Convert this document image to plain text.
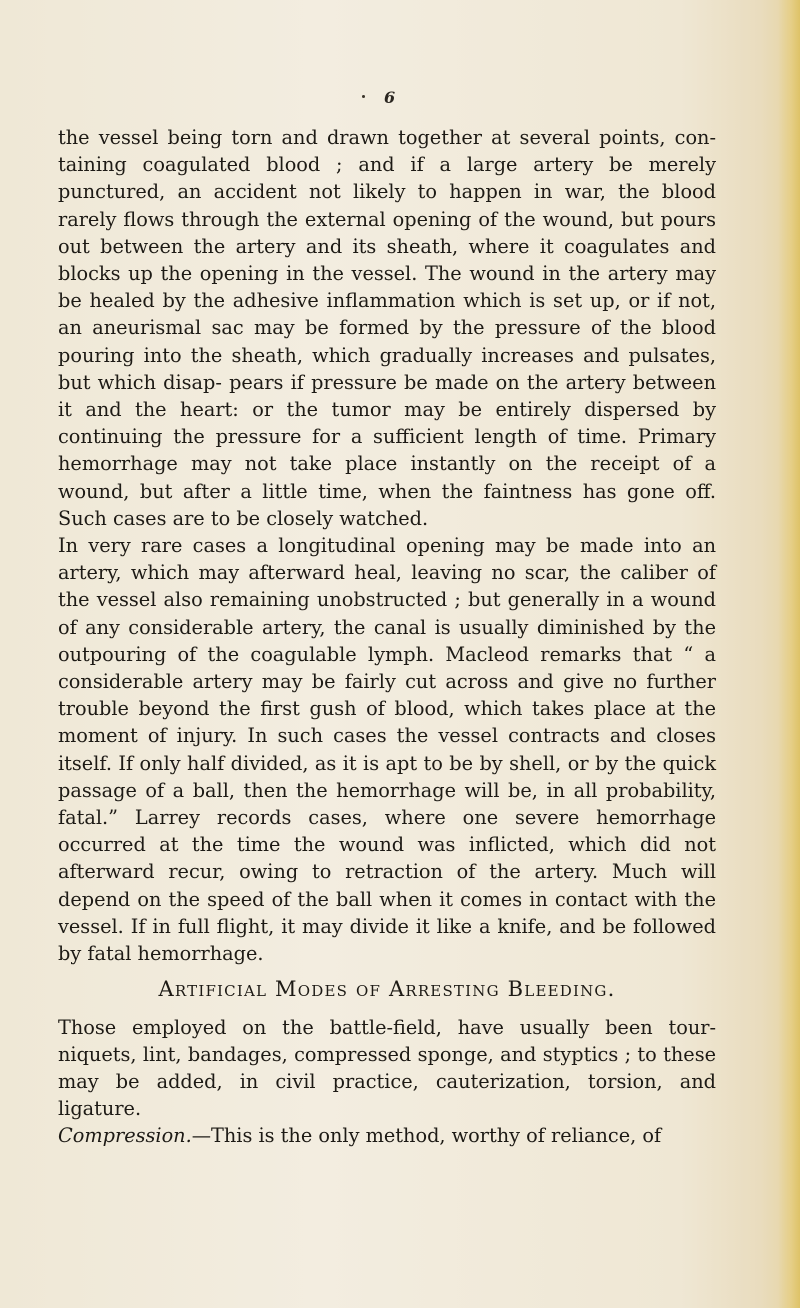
6

the vessel being torn and drawn together at several points, con- taining coagulated blood ; and if a large artery be merely punctured, an accident not likely to happen in war, the blood rarely flows through the external opening of the wound, but pours out between the artery and its sheath, where it coagulates and blocks up the opening in the vessel. The wound in the artery may be healed by the adhesive inflammation which is set up, or if not, an aneurismal sac may be formed by the pressure of the blood pouring into the sheath, which gradually increases and pulsates, but which disap- pears if pressure be made on the artery between it and the heart: or the tumor may be entirely dispersed by continuing the pressure for a sufficient length of time. Primary hemorrhage may not take place instantly on the receipt of a wound, but after a little time, when the faintness has gone off. Such cases are to be closely watched.

In very rare cases a longitudinal opening may be made into an artery, which may afterward heal, leaving no scar, the caliber of the vessel also remaining unobstructed ; but generally in a wound of any considerable artery, the canal is usually diminished by the outpouring of the coagulable lymph. Macleod remarks that “ a considerable artery may be fairly cut across and give no further trouble beyond the first gush of blood, which takes place at the moment of injury. In such cases the vessel contracts and closes itself. If only half divided, as it is apt to be by shell, or by the quick passage of a ball, then the hemorrhage will be, in all probability, fatal.” Larrey records cases, where one severe hemorrhage occurred at the time the wound was inflicted, which did not afterward recur, owing to retraction of the artery. Much will depend on the speed of the ball when it comes in contact with the vessel. If in full flight, it may divide it like a knife, and be followed by fatal hemorrhage.

Artificial Modes of Arresting Bleeding.

Those employed on the battle-field, have usually been tour- niquets, lint, bandages, compressed sponge, and styptics ; to these may be added, in civil practice, cauterization, torsion, and ligature.

Compression.—This is the only method, worthy of reliance, of
